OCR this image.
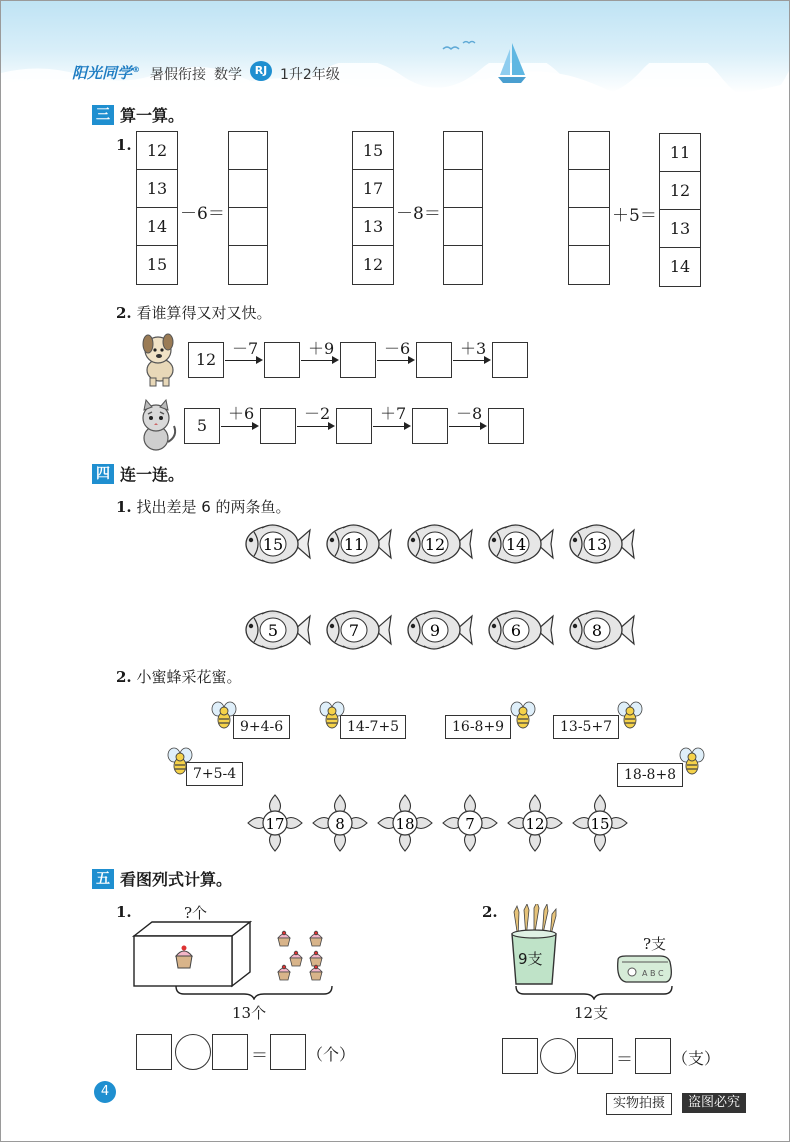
阳光同学® 暑假衔接 数学	RJ 1升2年级
三 算一算。
1. 12
13
14
15
－6＝
15
17
13
12
－8＝	＋5＝
11
12
13
14
2. 看谁算得又对又快。
12
－7	＋9	－6	＋3
5
＋6	－2	＋7	－8
四 连一连。
1. 找出差是 6 的两条鱼。
15	11	12	14	13
5	7	9	6	8
2. 小蜜蜂采花蜜。
9+4-6	14-7+5	16-8+9	13-5+7
7+5-4	18-8+8
17	8	18	7	12	15
五 看图列式计算。
1.	?个
13个
＝ （个）
2.
9支
?支
A B C
12支
＝ （支）
4
实物拍摄	盗图必究
